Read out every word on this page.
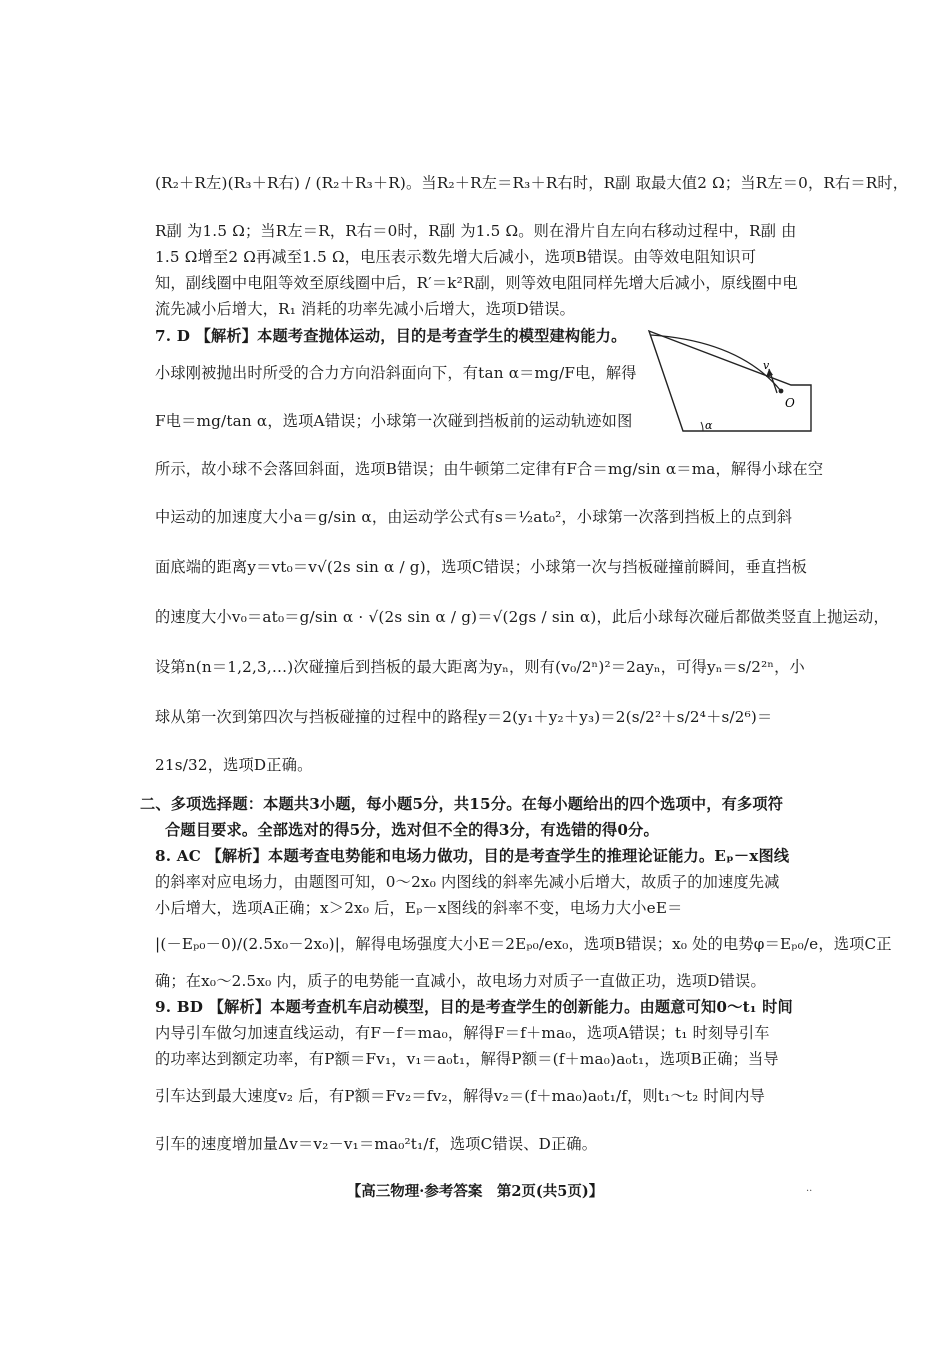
(R₂＋R左)(R₃＋R右) / (R₂＋R₃＋R)。当R₂＋R左＝R₃＋R右时，R副 取最大值2 Ω；当R左＝0，R右＝R时，
R副 为1.5 Ω；当R左＝R，R右＝0时，R副 为1.5 Ω。则在滑片自左向右移动过程中，R副 由
1.5 Ω增至2 Ω再减至1.5 Ω，电压表示数先增大后减小，选项B错误。由等效电阻知识可
知，副线圈中电阻等效至原线圈中后，R′＝k²R副，则等效电阻同样先增大后减小，原线圈中电
流先减小后增大，R₁ 消耗的功率先减小后增大，选项D错误。
7. D 【解析】本题考查抛体运动，目的是考查学生的模型建构能力。
小球刚被抛出时所受的合力方向沿斜面向下，有tan α＝mg/F电，解得
F电＝mg/tan α，选项A错误；小球第一次碰到挡板前的运动轨迹如图
所示，故小球不会落回斜面，选项B错误；由牛顿第二定律有F合＝mg/sin α＝ma，解得小球在空
中运动的加速度大小a＝g/sin α，由运动学公式有s＝½at₀²，小球第一次落到挡板上的点到斜
面底端的距离y＝vt₀＝v√(2s sin α / g)，选项C错误；小球第一次与挡板碰撞前瞬间，垂直挡板
的速度大小v₀＝at₀＝g/sin α · √(2s sin α / g)＝√(2gs / sin α)，此后小球每次碰后都做类竖直上抛运动，
设第n(n＝1,2,3,…)次碰撞后到挡板的最大距离为yₙ，则有(v₀/2ⁿ)²＝2ayₙ，可得yₙ＝s/2²ⁿ，小
球从第一次到第四次与挡板碰撞的过程中的路程y＝2(y₁＋y₂＋y₃)＝2(s/2²＋s/2⁴＋s/2⁶)＝
21s/32，选项D正确。
二、多项选择题：本题共3小题，每小题5分，共15分。在每小题给出的四个选项中，有多项符
合题目要求。全部选对的得5分，选对但不全的得3分，有选错的得0分。
8. AC 【解析】本题考查电势能和电场力做功，目的是考查学生的推理论证能力。Eₚ－x图线
的斜率对应电场力，由题图可知，0～2x₀ 内图线的斜率先减小后增大，故质子的加速度先减
小后增大，选项A正确；x＞2x₀ 后，Eₚ－x图线的斜率不变，电场力大小eE＝
|(－Eₚ₀－0)/(2.5x₀－2x₀)|，解得电场强度大小E＝2Eₚ₀/ex₀，选项B错误；x₀ 处的电势φ＝Eₚ₀/e，选项C正
确；在x₀～2.5x₀ 内，质子的电势能一直减小，故电场力对质子一直做正功，选项D错误。
9. BD 【解析】本题考查机车启动模型，目的是考查学生的创新能力。由题意可知0～t₁ 时间
内导引车做匀加速直线运动，有F－f＝ma₀，解得F＝f＋ma₀，选项A错误；t₁ 时刻导引车
的功率达到额定功率，有P额＝Fv₁，v₁＝a₀t₁，解得P额＝(f＋ma₀)a₀t₁，选项B正确；当导
引车达到最大速度v₂ 后，有P额＝Fv₂＝fv₂，解得v₂＝(f＋ma₀)a₀t₁/f，则t₁～t₂ 时间内导
引车的速度增加量Δv＝v₂－v₁＝ma₀²t₁/f，选项C错误、D正确。
v
O
α
【高三物理·参考答案　第2页(共5页)】	··
